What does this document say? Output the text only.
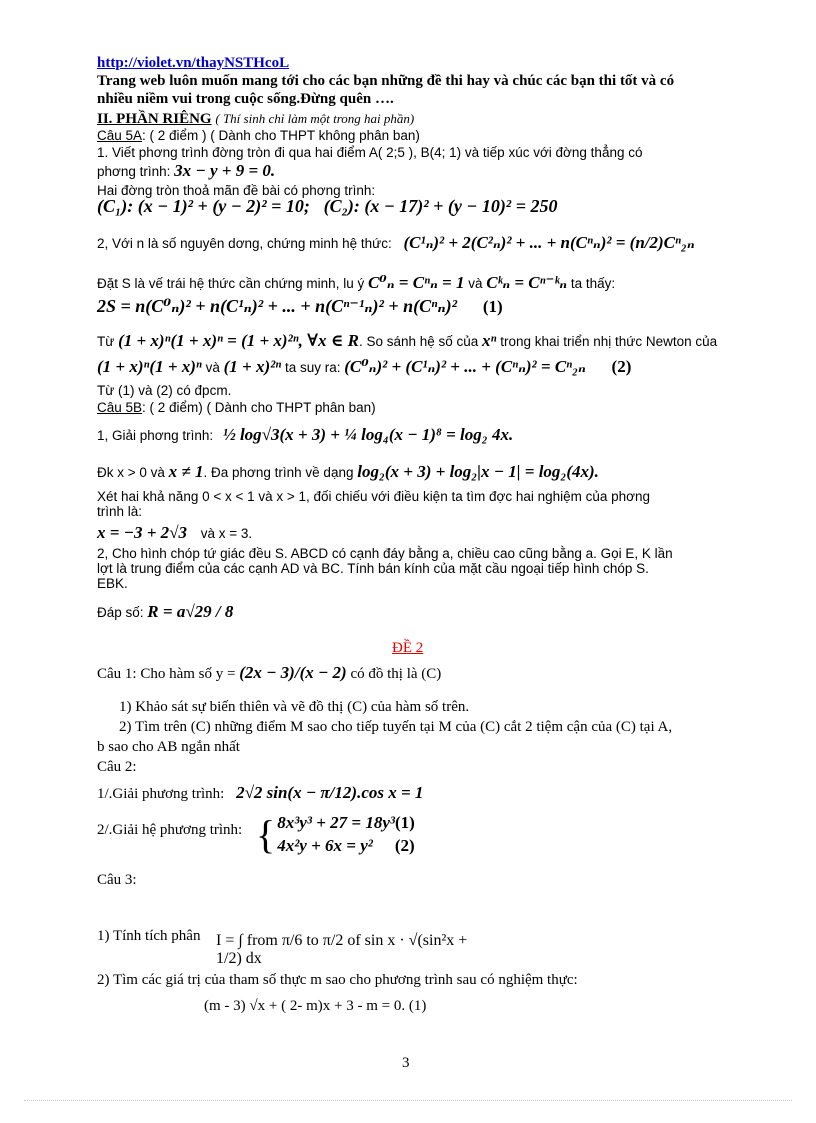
http://violet.vn/thayNSTHcoL
Trang web luôn muốn mang tới cho các bạn những đề thi hay và chúc các bạn thi tốt và có
nhiều niềm vui trong cuộc sống.Đừng quên ….
II. PHẦN RIÊNG ( Thí sinh chỉ làm một trong hai phần)
Câu 5A: ( 2 điểm ) ( Dành cho THPT không phân ban)
1. Viết phơng trình đờng tròn đi qua hai điểm A( 2;5 ), B(4; 1) và tiếp xúc với đờng thẳng có
phơng trình: 3x − y + 9 = 0.
Hai đờng tròn thoả mãn đề bài có phơng trình:
(C₁): (x − 1)² + (y − 2)² = 10; (C₂): (x − 17)² + (y − 10)² = 250
2, Với n là số nguyên dơng, chứng minh hệ thức: (C¹ₙ)² + 2(C²ₙ)² + ... + n(Cⁿₙ)² = (n/2)Cⁿ₂ₙ
Đặt S là vế trái hệ thức cần chứng minh, lu ý C⁰ₙ = Cⁿₙ = 1 và Cᵏₙ = Cⁿ⁻ᵏₙ ta thấy:
2S = n(C⁰ₙ)² + n(C¹ₙ)² + ... + n(Cⁿ⁻¹ₙ)² + n(Cⁿₙ)² (1)
Từ (1 + x)ⁿ(1 + x)ⁿ = (1 + x)²ⁿ, ∀x ∈ R. So sánh hệ số của xⁿ trong khai triển nhị thức Newton của
(1 + x)ⁿ(1 + x)ⁿ và (1 + x)²ⁿ ta suy ra: (C⁰ₙ)² + (C¹ₙ)² + ... + (Cⁿₙ)² = Cⁿ₂ₙ (2)
Từ (1) và (2) có đpcm.
Câu 5B: ( 2 điểm) ( Dành cho THPT phân ban)
1, Giải phơng trình: ½ log√3(x + 3) + ¼ log₄(x − 1)⁸ = log₂ 4x.
Đk x > 0 và x ≠ 1. Đa phơng trình về dạng log₂(x + 3) + log₂|x − 1| = log₂(4x).
Xét hai khả năng 0 < x < 1 và x > 1, đối chiếu với điều kiện ta tìm đợc hai nghiệm của phơng
trình là:
x = −3 + 2√3 và x = 3.
2, Cho hình chóp tứ giác đều S. ABCD có cạnh đáy bằng a, chiều cao cũng bằng a. Gọi E, K lần
lợt là trung điểm của các cạnh AD và BC. Tính bán kính của mặt cầu ngoại tiếp hình chóp S.
EBK.
Đáp số: R = a√29 / 8
ĐỀ 2
Câu 1: Cho hàm số y = (2x − 3)/(x − 2) có đồ thị là (C)
1) Khảo sát sự biến thiên và vẽ đồ thị (C) của hàm số trên.
2) Tìm trên (C) những điểm M sao cho tiếp tuyến tại M của (C) cắt 2 tiệm cận của (C) tại A,
b sao cho AB ngắn nhất
Câu 2:
1/.Giải phương trình: 2√2 sin(x − π/12).cos x = 1
2/.Giải hệ phương trình: { 8x³y³ + 27 = 18y³(1)
4x²y + 6x = y² (2)
Câu 3:
1) Tính tích phân I = ∫ from π/6 to π/2 of sin x · √(sin²x + 1/2) dx
2) Tìm các giá trị của tham số thực m sao cho phương trình sau có nghiệm thực:
(m - 3) √x + ( 2- m)x + 3 - m = 0. (1)
3
